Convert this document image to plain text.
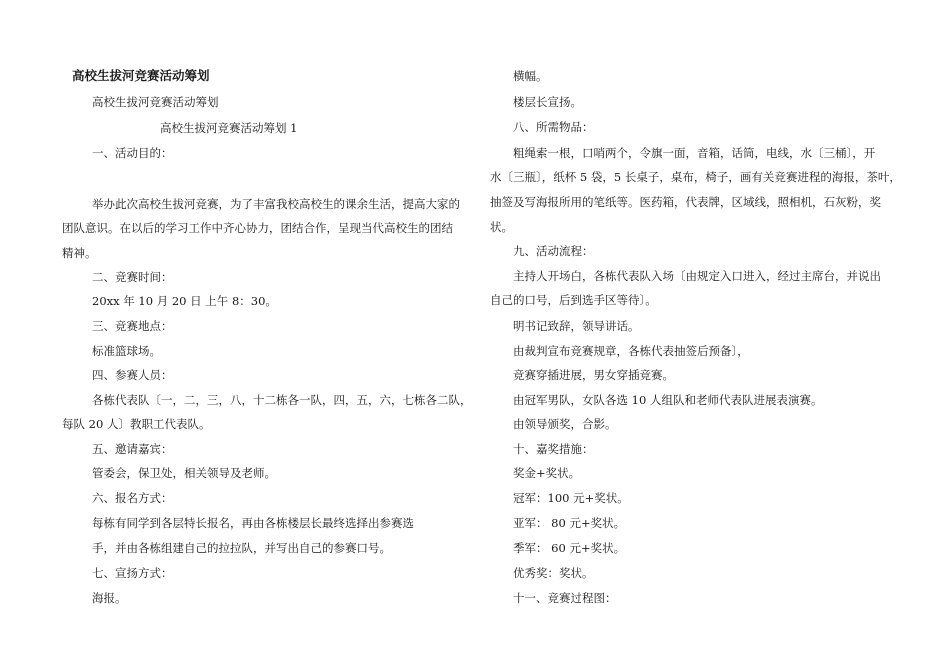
高校生拔河竞赛活动筹划
高校生拔河竞赛活动筹划
高校生拔河竞赛活动筹划 1
一、活动目的：
举办此次高校生拔河竞赛，为了丰富我校高校生的课余生活，提高大家的
团队意识。在以后的学习工作中齐心协力，团结合作，呈现当代高校生的团结
精神。
二、竞赛时间：
20xx 年 10 月 20 日 上午 8：30。
三、竞赛地点：
标准篮球场。
四、参赛人员：
各栋代表队〔一，二，三，八，十二栋各一队，四，五，六，七栋各二队，
每队 20 人〕教职工代表队。
五、邀请嘉宾：
管委会，保卫处，相关领导及老师。
六、报名方式：
每栋有同学到各层特长报名，再由各栋楼层长最终选择出参赛选
手，并由各栋组建自己的拉拉队，并写出自己的参赛口号。
七、宣扬方式：
海报。
横幅。
楼层长宣扬。
八、所需物品：
粗绳索一根，口哨两个，令旗一面，音箱，话筒，电线，水〔三桶〕，开
水〔三瓶〕，纸杯 5 袋，5 长桌子，桌布，椅子，画有关竞赛进程的海报，茶叶，
抽签及写海报所用的笔纸等。医药箱，代表牌，区域线，照相机，石灰粉，奖
状。
九、活动流程：
主持人开场白，各栋代表队入场〔由规定入口进入，经过主席台，并说出
自己的口号，后到选手区等待〕。
明书记致辞，领导讲话。
由裁判宣布竞赛规章，各栋代表抽签后预备〕，
竞赛穿插进展，男女穿插竞赛。
由冠军男队，女队各选 10 人组队和老师代表队进展表演赛。
由领导颁奖，合影。
十、嘉奖措施：
奖金+奖状。
冠军：100 元+奖状。
亚军： 80 元+奖状。
季军： 60 元+奖状。
优秀奖：奖状。
十一、竞赛过程图：
